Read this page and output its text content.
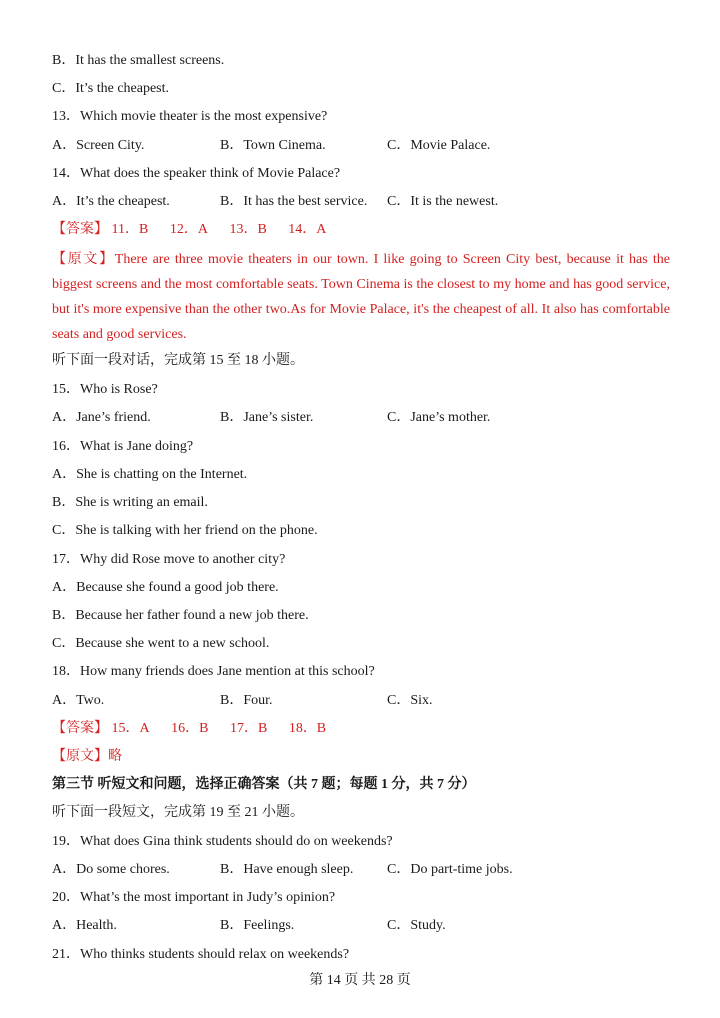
B．It has the smallest screens.
C．It’s the cheapest.
13．Which movie theater is the most expensive?
A．Screen City.	B．Town Cinema.	C．Movie Palace.
14．What does the speaker think of Movie Palace?
A．It’s the cheapest.	B．It has the best service. C．It is the newest.
【答案】 11．B 12．A 13．B 14．A
【原文】There are three movie theaters in our town. I like going to Screen City best, because it has the biggest screens and the most comfortable seats. Town Cinema is the closest to my home and has good service, but it's more expensive than the other two.As for Movie Palace, it's the cheapest of all. It also has comfortable seats and good services.
听下面一段对话，完成第 15 至 18 小题。
15．Who is Rose?
A．Jane’s friend.	B．Jane’s sister.	C．Jane’s mother.
16．What is Jane doing?
A．She is chatting on the Internet.
B．She is writing an email.
C．She is talking with her friend on the phone.
17．Why did Rose move to another city?
A．Because she found a good job there.
B．Because her father found a new job there.
C．Because she went to a new school.
18．How many friends does Jane mention at this school?
A．Two.	B．Four.	C．Six.
【答案】 15．A 16．B 17．B 18．B
【原文】略
第三节 听短文和问题，选择正确答案（共 7 题；每题 1 分，共 7 分）
听下面一段短文，完成第 19 至 21 小题。
19．What does Gina think students should do on weekends?
A．Do some chores.	B．Have enough sleep. C．Do part-time jobs.
20．What’s the most important in Judy’s opinion?
A．Health.	B．Feelings.	C．Study.
21．Who thinks students should relax on weekends?
第 14 页 共 28 页
